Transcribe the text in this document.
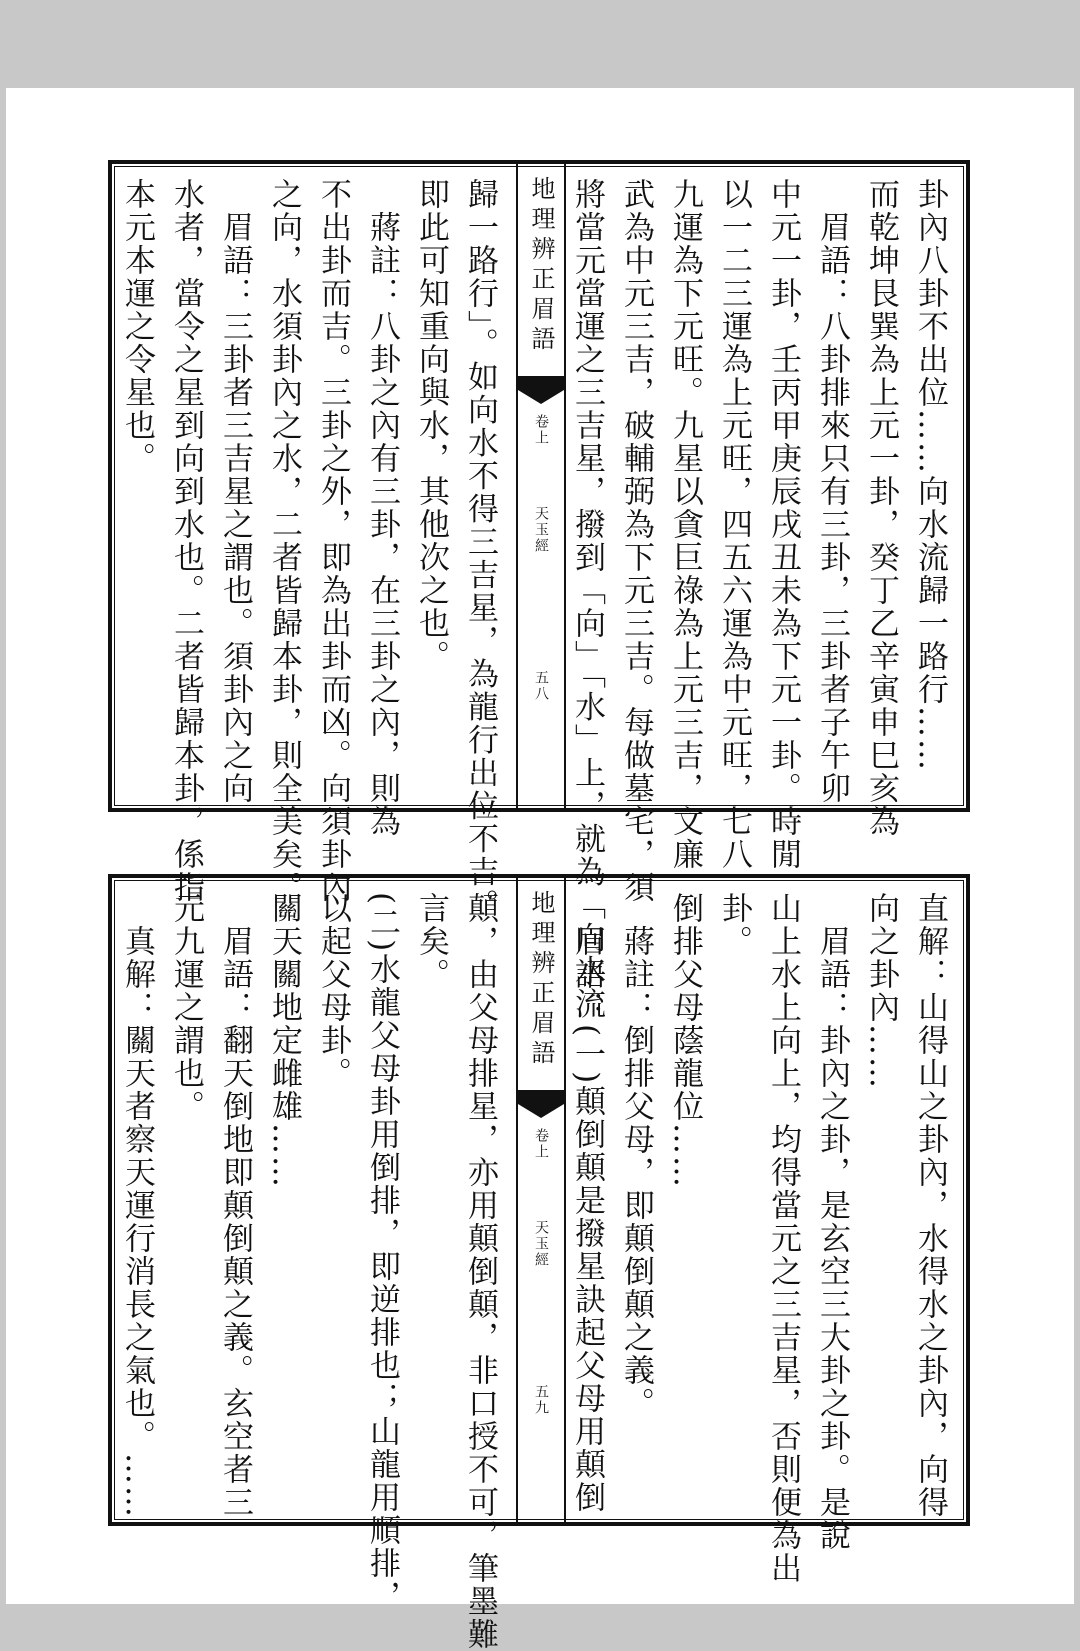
卦內八卦不出位……向水流歸一路行……
而乾坤艮巽為上元一卦，癸丁乙辛寅申巳亥為
　眉語：八卦排來只有三卦，三卦者子午卯
中元一卦，壬丙甲庚辰戌丑未為下元一卦。時閒
以一二三運為上元旺，四五六運為中元旺，七八
九運為下元旺。九星以貪巨祿為上元三吉，文廉
武為中元三吉，破輔弼為下元三吉。每做墓宅，須
將當元當運之三吉星，撥到「向」「水」上，就為「向水流
地理辨正眉語
卷上
天玉經
五八
歸一路行」。如向水不得三吉星，為龍行出位不吉。
即此可知重向與水，其他次之也。
　蔣註：八卦之內有三卦，在三卦之內，則為
不出卦而吉。三卦之外，即為出卦而凶。向須卦內
之向，水須卦內之水，二者皆歸本卦，則全美矣。
　眉語：三卦者三吉星之謂也。須卦內之向
水者，當令之星到向到水也。二者皆歸本卦，係指
本元本運之令星也。
直解：山得山之卦內，水得水之卦內，向得
向之卦內……
　眉語：卦內之卦，是玄空三大卦之卦。是說
山上水上向上，均得當元之三吉星，否則便為出
卦。
倒排父母蔭龍位……
　蔣註：倒排父母，即顛倒顛之義。
　眉語：(一)顛倒顛是撥星訣起父母用顛倒
地理辨正眉語
卷上
天玉經
五九
顛，由父母排星，亦用顛倒顛，非口授不可，筆墨難
言矣。
(二)水龍父母卦用倒排，即逆排也；山龍用順排，
以起父母卦。
關天關地定雌雄……
　眉語：翻天倒地即顛倒顛之義。玄空者三
元九運之謂也。
　真解：關天者察天運行消長之氣也。……
